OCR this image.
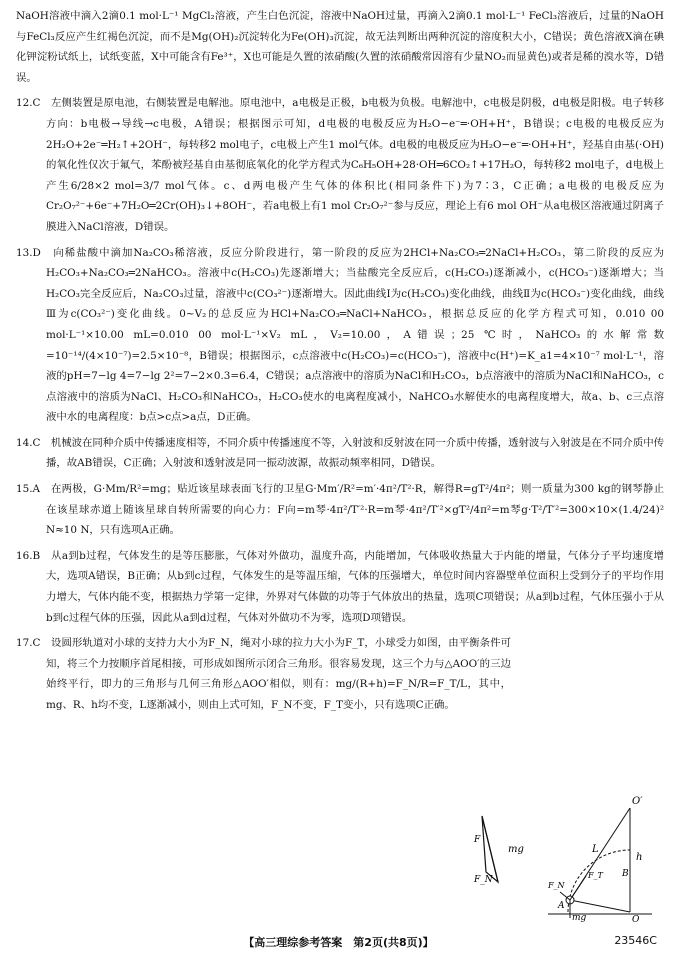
NaOH溶液中滴入2滴0.1 mol·L⁻¹ MgCl₂溶液，产生白色沉淀，溶液中NaOH过量，再滴入2滴0.1 mol·L⁻¹ FeCl₃溶液后，过量的NaOH与FeCl₃反应产生红褐色沉淀，而不是Mg(OH)₂沉淀转化为Fe(OH)₃沉淀，故无法判断出两种沉淀的溶度积大小，C错误；黄色溶液X滴在碘化钾淀粉试纸上，试纸变蓝，X中可能含有Fe³⁺，X也可能是久置的浓硝酸(久置的浓硝酸常因溶有少量NO₂而显黄色)或者是稀的溴水等，D错误。

12.C　左侧装置是原电池，右侧装置是电解池。原电池中，a电极是正极，b电极为负极。电解池中，c电极是阴极，d电极是阳极。电子转移方向：b电极→导线→c电极，A错误；根据图示可知，d电极的电极反应为H₂O−e⁻═·OH+H⁺，B错误；c电极的电极反应为2H₂O+2e⁻═H₂↑+2OH⁻，每转移2 mol电子，c电极上产生1 mol气体。d电极的电极反应为H₂O−e⁻═·OH+H⁺，羟基自由基(·OH)的氧化性仅次于氟气，苯酚被羟基自由基彻底氧化的化学方程式为C₆H₅OH+28·OH═6CO₂↑+17H₂O，每转移2 mol电子，d电极上产生6/28×2 mol=3/7 mol气体。c、d两电极产生气体的体积比(相同条件下)为7∶3，C正确；a电极的电极反应为Cr₂O₇²⁻+6e⁻+7H₂O═2Cr(OH)₃↓+8OH⁻，若a电极上有1 mol Cr₂O₇²⁻参与反应，理论上有6 mol OH⁻从a电极区溶液通过阴离子膜进入NaCl溶液，D错误。

13.D　向稀盐酸中滴加Na₂CO₃稀溶液，反应分阶段进行，第一阶段的反应为2HCl+Na₂CO₃═2NaCl+H₂CO₃，第二阶段的反应为H₂CO₃+Na₂CO₃═2NaHCO₃。溶液中c(H₂CO₃)先逐渐增大；当盐酸完全反应后，c(H₂CO₃)逐渐减小，c(HCO₃⁻)逐渐增大；当H₂CO₃完全反应后，Na₂CO₃过量，溶液中c(CO₃²⁻)逐渐增大。因此曲线Ⅰ为c(H₂CO₃)变化曲线，曲线Ⅱ为c(HCO₃⁻)变化曲线，曲线Ⅲ为c(CO₃²⁻)变化曲线。0~V₂的总反应为HCl+Na₂CO₃═NaCl+NaHCO₃，根据总反应的化学方程式可知，0.010 00 mol·L⁻¹×10.00 mL=0.010 00 mol·L⁻¹×V₂ mL，V₂=10.00，A错误；25 ℃时，NaHCO₃的水解常数=10⁻¹⁴/(4×10⁻⁷)=2.5×10⁻⁸，B错误；根据图示，c点溶液中c(H₂CO₃)=c(HCO₃⁻)，溶液中c(H⁺)=K_a1=4×10⁻⁷ mol·L⁻¹，溶液的pH=7−lg 4=7−lg 2²=7−2×0.3=6.4，C错误；a点溶液中的溶质为NaCl和H₂CO₃，b点溶液中的溶质为NaCl和NaHCO₃，c点溶液中的溶质为NaCl、H₂CO₃和NaHCO₃，H₂CO₃使水的电离程度减小，NaHCO₃水解使水的电离程度增大，故a、b、c三点溶液中水的电离程度：b点>c点>a点，D正确。

14.C　机械波在同种介质中传播速度相等，不同介质中传播速度不等，入射波和反射波在同一介质中传播，透射波与入射波是在不同介质中传播，故AB错误，C正确；入射波和透射波是同一振动波源，故振动频率相同，D错误。

15.A　在两极，G·Mm/R²=mg；贴近该星球表面飞行的卫星G·Mm′/R²=m′·4π²/T²·R，解得R=gT²/4π²；则一质量为300 kg的钢琴静止在该星球赤道上随该星球自转所需要的向心力：F向=m琴·4π²/T′²·R=m琴·4π²/T′²×gT²/4π²=m琴g·T²/T′²=300×10×(1.4/24)² N≈10 N，只有选项A正确。

16.B　从a到b过程，气体发生的是等压膨胀，气体对外做功，温度升高，内能增加，气体吸收热量大于内能的增量，气体分子平均速度增大，选项A错误，B正确；从b到c过程，气体发生的是等温压缩，气体的压强增大，单位时间内容器壁单位面积上受到分子的平均作用力增大，气体内能不变，根据热力学第一定律，外界对气体做的功等于气体放出的热量，选项C项错误；从a到b过程，气体压强小于从b到c过程气体的压强，因此从a到d过程，气体对外做功不为零，选项D项错误。

17.C　设圆形轨道对小球的支持力大小为F_N，绳对小球的拉力大小为F_T，小球受力如图，由平衡条件可知，将三个力按顺序首尾相接，可形成如图所示闭合三角形。很容易发现，这三个力与△AOO′的三边始终平行，即力的三角形与几何三角形△AOO′相似，则有：mg/(R+h)=F_N/R=F_T/L，其中，mg、R、h均不变，L逐渐减小，则由上式可知，F_N不变，F_T变小，只有选项C正确。

F
mg
F_N
O′
h
L
F_T B
F_N
A
mg	O
【高三理综参考答案　第2页(共8页)】	23546C
